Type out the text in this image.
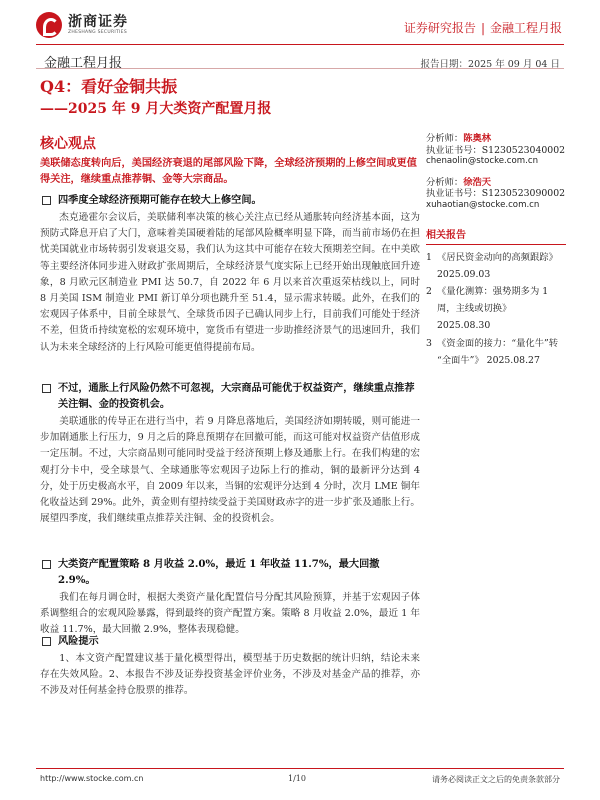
浙商证券
ZHESHANG SECURITIES	证券研究报告 | 金融工程月报
金融工程月报	报告日期：2025 年 09 月 04 日
Q4：看好金铜共振
——2025 年 9 月大类资产配置月报
核心观点
美联储态度转向后，美国经济衰退的尾部风险下降，全球经济预期的上修空间或更值得关注，继续重点推荐铜、金等大宗商品。
四季度全球经济预期可能存在较大上修空间。
杰克逊霍尔会议后，美联储利率决策的核心关注点已经从通胀转向经济基本面，这为预防式降息开启了大门，意味着美国硬着陆的尾部风险概率明显下降，而当前市场仍在担忧美国就业市场转弱引发衰退交易，我们认为这其中可能存在较大预期差空间。在中美欧等主要经济体同步进入财政扩张周期后，全球经济景气度实际上已经开始出现触底回升迹象，8 月欧元区制造业 PMI 达 50.7，自 2022 年 6 月以来首次重返荣枯线以上，同时 8 月美国 ISM 制造业 PMI 新订单分项也跳升至 51.4，显示需求转暖。此外，在我们的宏观因子体系中，目前全球景气、全球货币因子已确认同步上行，目前我们可能处于经济不差，但货币持续宽松的宏观环境中，宽货币有望进一步助推经济景气的迅速回升，我们认为未来全球经济的上行风险可能更值得提前布局。
不过，通胀上行风险仍然不可忽视，大宗商品可能优于权益资产，继续重点推荐关注铜、金的投资机会。
美联通胀的传导正在进行当中，若 9 月降息落地后，美国经济如期转暖，则可能进一步加剧通胀上行压力，9 月之后的降息预期存在回撤可能，而这可能对权益资产估值形成一定压制。不过，大宗商品则可能同时受益于经济预期上修及通胀上行。在我们构建的宏观打分卡中，受全球景气、全球通胀等宏观因子边际上行的推动，铜的最新评分达到 4 分，处于历史极高水平，自 2009 年以来，当铜的宏观评分达到 4 分时，次月 LME 铜年化收益达到 29%。此外，黄金则有望持续受益于美国财政赤字的进一步扩张及通胀上行。展望四季度，我们继续重点推荐关注铜、金的投资机会。
大类资产配置策略 8 月收益 2.0%，最近 1 年收益 11.7%，最大回撤 2.9%。
我们在每月调仓时，根据大类资产量化配置信号分配其风险预算，并基于宏观因子体系调整组合的宏观风险暴露，得到最终的资产配置方案。策略 8 月收益 2.0%，最近 1 年收益 11.7%，最大回撤 2.9%，整体表现稳健。
风险提示
1、本文资产配置建议基于量化模型得出，模型基于历史数据的统计归纳，结论未来存在失效风险。2、本报告不涉及证券投资基金评价业务，不涉及对基金产品的推荐，亦不涉及对任何基金持仓股票的推荐。
分析师：陈奥林
执业证书号：S1230523040002
chenaolin@stocke.com.cn
分析师：徐浩天
执业证书号：S1230523090002
xuhaotian@stocke.com.cn
相关报告
1 《居民资金动向的高频跟踪》 2025.09.03
2 《量化测算：强势期多为 1 周，主线或切换》 2025.08.30
3 《资金面的接力：“量化牛”转 “全面牛”》 2025.08.27
http://www.stocke.com.cn	1/10	请务必阅读正文之后的免责条款部分
